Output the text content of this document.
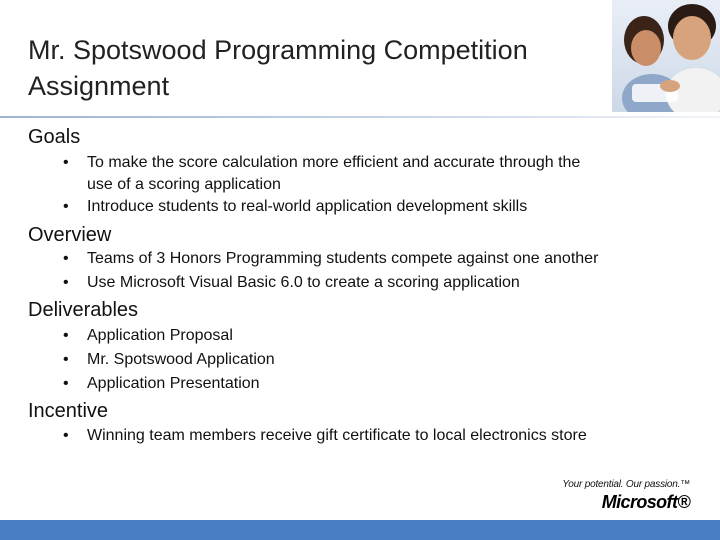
Mr. Spotswood Programming Competition
Assignment
Goals
• To make the score calculation more efficient and accurate through the
use of a scoring application
• Introduce students to real-world application development skills
Overview
• Teams of 3 Honors Programming students compete against one another
• Use Microsoft Visual Basic 6.0 to create a scoring application
Deliverables
• Application Proposal
• Mr. Spotswood Application
• Application Presentation
Incentive
• Winning team members receive gift certificate to local electronics store
Your potential. Our passion.™
Microsoft®
